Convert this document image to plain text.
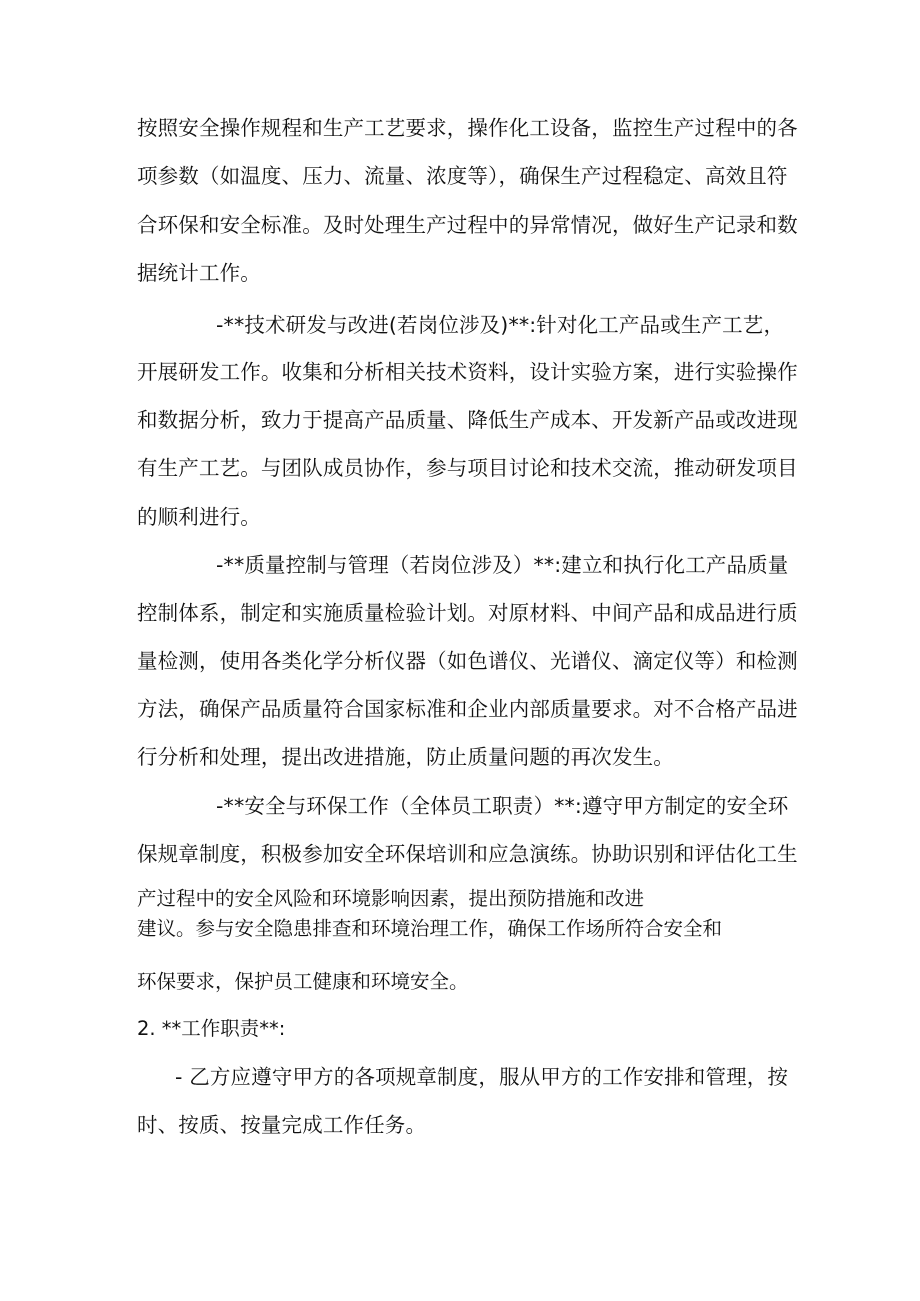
按照安全操作规程和生产工艺要求，操作化工设备，监控生产过程中的各

项参数（如温度、压力、流量、浓度等），确保生产过程稳定、高效且符

合环保和安全标准。及时处理生产过程中的异常情况，做好生产记录和数

据统计工作。

-**技术研发与改进(若岗位涉及)**:针对化工产品或生产工艺，

开展研发工作。收集和分析相关技术资料，设计实验方案，进行实验操作

和数据分析，致力于提高产品质量、降低生产成本、开发新产品或改进现

有生产工艺。与团队成员协作，参与项目讨论和技术交流，推动研发项目

的顺利进行。

-**质量控制与管理（若岗位涉及）**:建立和执行化工产品质量

控制体系，制定和实施质量检验计划。对原材料、中间产品和成品进行质

量检测，使用各类化学分析仪器（如色谱仪、光谱仪、滴定仪等）和检测

方法，确保产品质量符合国家标准和企业内部质量要求。对不合格产品进

行分析和处理，提出改进措施，防止质量问题的再次发生。

-**安全与环保工作（全体员工职责）**:遵守甲方制定的安全环

保规章制度，积极参加安全环保培训和应急演练。协助识别和评估化工生

产过程中的安全风险和环境影响因素，提出预防措施和改进

建议。参与安全隐患排查和环境治理工作，确保工作场所符合安全和

环保要求，保护员工健康和环境安全。

2. **工作职责**:

- 乙方应遵守甲方的各项规章制度，服从甲方的工作安排和管理，按

时、按质、按量完成工作任务。
